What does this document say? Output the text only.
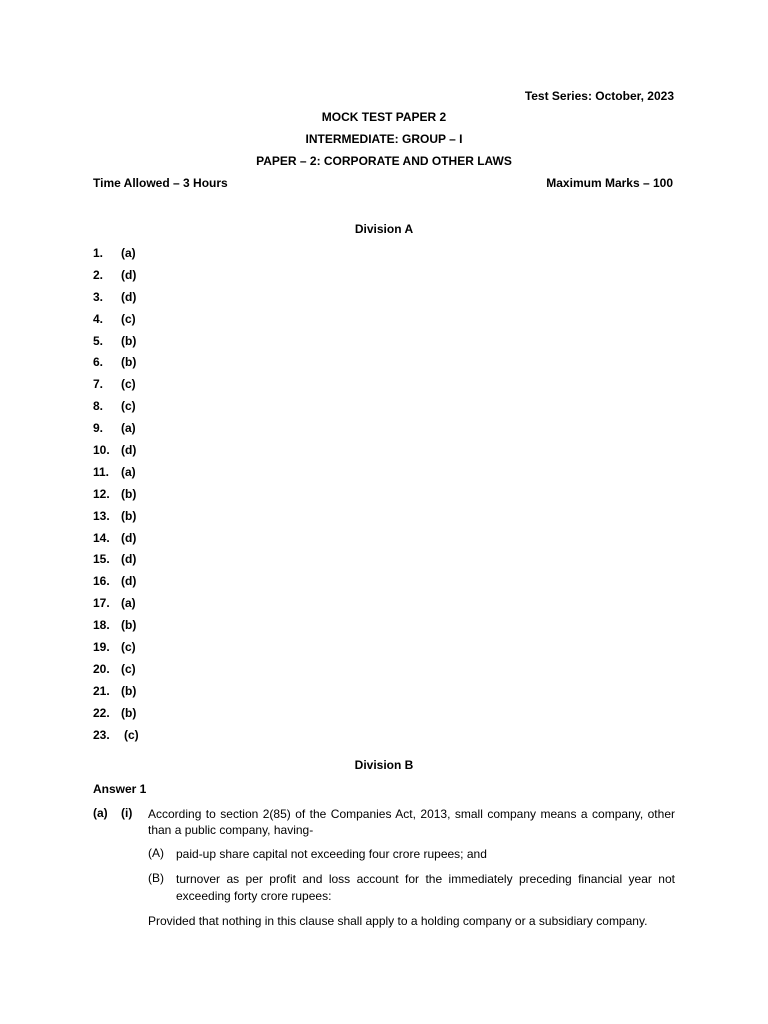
Test Series: October, 2023
MOCK TEST PAPER 2
INTERMEDIATE: GROUP – I
PAPER – 2: CORPORATE AND OTHER LAWS
Time Allowed – 3 Hours	Maximum Marks – 100
Division A
1.	(a)
2.	(d)
3.	(d)
4.	(c)
5.	(b)
6.	(b)
7.	(c)
8.	(c)
9.	(a)
10. (d)
11. (a)
12. (b)
13. (b)
14. (d)
15. (d)
16. (d)
17. (a)
18. (b)
19. (c)
20. (c)
21. (b)
22. (b)
23.	(c)
Division B
Answer 1
(a) (i) According to section 2(85) of the Companies Act, 2013, small company means a company, other than a public company, having-
(A) paid-up share capital not exceeding four crore rupees; and
(B) turnover as per profit and loss account for the immediately preceding financial year not exceeding forty crore rupees:
Provided that nothing in this clause shall apply to a holding company or a subsidiary company.
